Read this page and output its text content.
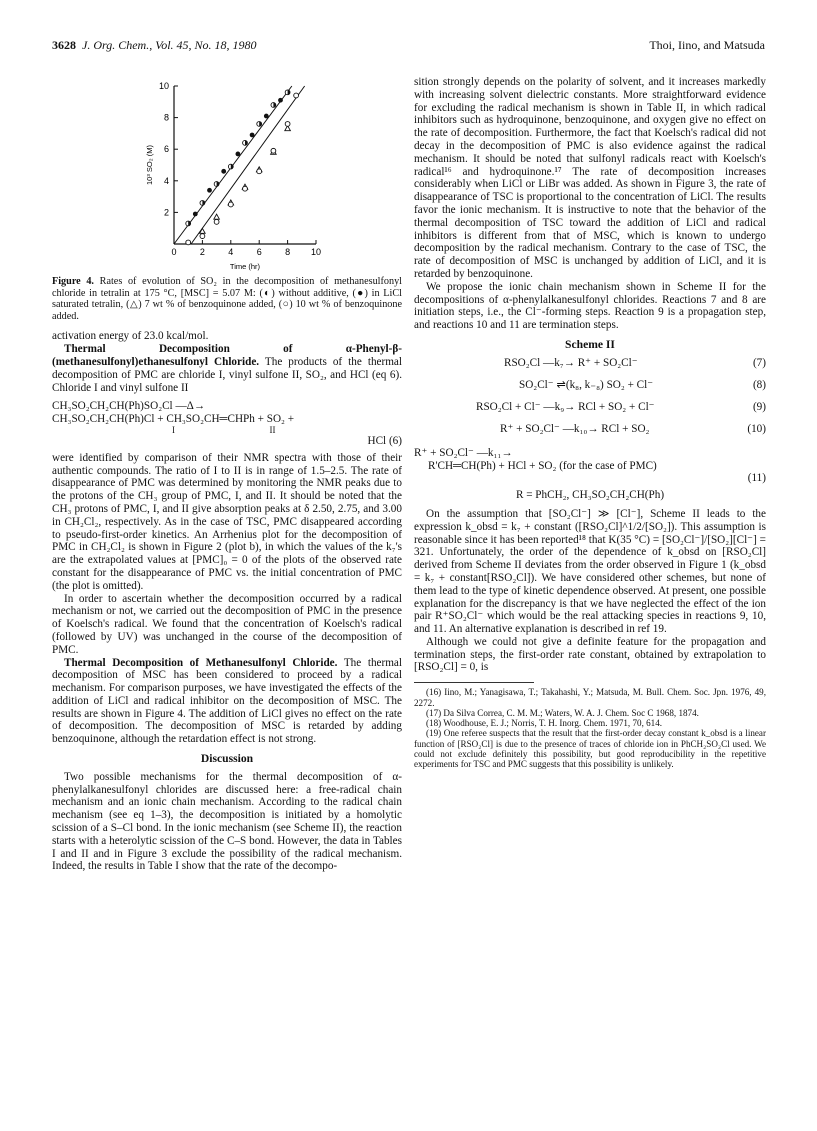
3628 J. Org. Chem., Vol. 45, No. 18, 1980	Thoi, Iino, and Matsuda
0	2	4	6	8 10
2
4
6
8
10
Time (hr)
10³ SO₂ (M)
Figure 4. Rates of evolution of SO₂ in the decomposition of methanesulfonyl chloride in tetralin at 175 °C, [MSC] = 5.07 M: (◐) without additive, (●) in LiCl saturated tetralin, (△) 7 wt % of benzoquinone added, (○) 10 wt % of benzoquinone added.

activation energy of 23.0 kcal/mol.

Thermal Decomposition of α-Phenyl-β-(methanesulfonyl)ethanesulfonyl Chloride. The products of the thermal decomposition of PMC are chloride I, vinyl sulfone II, SO₂, and HCl (eq 6). Chloride I and vinyl sulfone II

CH₃SO₂CH₂CH(Ph)SO₂Cl —Δ→
CH₃SO₂CH₂CH(Ph)Cl + CH₃SO₂CH═CHPh + SO₂ +
I                                          II
HCl (6)

were identified by comparison of their NMR spectra with those of their authentic compounds. The ratio of I to II is in range of 1.5–2.5. The rate of disappearance of PMC was determined by monitoring the NMR peaks due to the protons of the CH₃ group of PMC, I, and II. It should be noted that the CH₃ protons of PMC, I, and II give absorption peaks at δ 2.50, 2.75, and 3.00 in CH₂Cl₂, respectively. As in the case of TSC, PMC disappeared according to pseudo-first-order kinetics. An Arrhenius plot for the decomposition of PMC in CH₂Cl₂ is shown in Figure 2 (plot b), in which the values of the k₇'s are the extrapolated values at [PMC]₀ = 0 of the plots of the observed rate constant for the disappearance of PMC vs. the initial concentration of PMC (the plot is omitted).

In order to ascertain whether the decomposition occurred by a radical mechanism or not, we carried out the decomposition of PMC in the presence of Koelsch's radical. We found that the concentration of Koelsch's radical (followed by UV) was unchanged in the course of the decomposition of PMC.

Thermal Decomposition of Methanesulfonyl Chloride. The thermal decomposition of MSC has been considered to proceed by a radical mechanism. For comparison purposes, we have investigated the effects of the addition of LiCl and radical inhibitor on the decomposition of MSC. The results are shown in Figure 4. The addition of LiCl gives no effect on the rate of decomposition. The decomposition of MSC is retarded by adding benzoquinone, although the retardation effect is not strong.

Discussion

Two possible mechanisms for the thermal decomposition of α-phenylalkanesulfonyl chlorides are discussed here: a free-radical chain mechanism and an ionic chain mechanism. According to the radical chain mechanism (see eq 1–3), the decomposition is initiated by a homolytic scission of a S–Cl bond. In the ionic mechanism (see Scheme II), the reaction starts with a heterolytic scission of the C–S bond. However, the data in Tables I and II and in Figure 3 exclude the possibility of the radical mechanism. Indeed, the results in Table I show that the rate of the decompo-

sition strongly depends on the polarity of solvent, and it increases markedly with increasing solvent dielectric constants. More straightforward evidence for excluding the radical mechanism is shown in Table II, in which radical inhibitors such as hydroquinone, benzoquinone, and oxygen give no effect on the rate of decomposition. Furthermore, the fact that Koelsch's radical did not decay in the decomposition of PMC is also evidence against the radical mechanism. It should be noted that sulfonyl radicals react with Koelsch's radical¹⁶ and hydroquinone.¹⁷ The rate of decomposition increases considerably when LiCl or LiBr was added. As shown in Figure 3, the rate of disappearance of TSC is proportional to the concentration of LiCl. The results favor the ionic mechanism. It is instructive to note that the behavior of the thermal decomposition of TSC toward the addition of LiCl and radical inhibitors is different from that of MSC, which is known to undergo decomposition by the radical mechanism. Contrary to the case of TSC, the rate of decomposition of MSC is unchanged by addition of LiCl, and it is retarded by benzoquinone.

We propose the ionic chain mechanism shown in Scheme II for the decompositions of α-phenylalkanesulfonyl chlorides. Reactions 7 and 8 are initiation steps, i.e., the Cl⁻-forming steps. Reaction 9 is a propagation step, and reactions 10 and 11 are termination steps.

Scheme II
RSO₂Cl —k₇→ R⁺ + SO₂Cl⁻	(7)
SO₂Cl⁻ ⇌(k₈, k₋₈) SO₂ + Cl⁻	(8)
RSO₂Cl + Cl⁻ —k₉→ RCl + SO₂ + Cl⁻	(9)
R⁺ + SO₂Cl⁻ —k₁₀→ RCl + SO₂	(10)
R⁺ + SO₂Cl⁻ —k₁₁→
R'CH═CH(Ph) + HCl + SO₂ (for the case of PMC)
(11)
R = PhCH₂, CH₃SO₂CH₂CH(Ph)

On the assumption that [SO₂Cl⁻] ≫ [Cl⁻], Scheme II leads to the expression k_obsd = k₇ + constant ([RSO₂Cl]^1/2/[SO₂]). This assumption is reasonable since it has been reported¹⁸ that K(35 °C) = [SO₂Cl⁻]/[SO₂][Cl⁻] = 321. Unfortunately, the order of the dependence of k_obsd on [RSO₂Cl] derived from Scheme II deviates from the order observed in Figure 1 (k_obsd = k₇ + constant[RSO₂Cl]). We have considered other schemes, but none of them lead to the type of kinetic dependence observed. At present, one possible explanation for the discrepancy is that we have neglected the effect of the ion pair R⁺SO₂Cl⁻ which would be the real attacking species in reactions 9, 10, and 11. An alternative explanation is described in ref 19.

Although we could not give a definite feature for the propagation and termination steps, the first-order rate constant, obtained by extrapolation to [RSO₂Cl] = 0, is

(16) Iino, M.; Yanagisawa, T.; Takahashi, Y.; Matsuda, M. Bull. Chem. Soc. Jpn. 1976, 49, 2272.
(17) Da Silva Correa, C. M. M.; Waters, W. A. J. Chem. Soc C 1968, 1874.
(18) Woodhouse, E. J.; Norris, T. H. Inorg. Chem. 1971, 70, 614.
(19) One referee suspects that the result that the first-order decay constant k_obsd is a linear function of [RSO₂Cl] is due to the presence of traces of chloride ion in PhCH₂SO₂Cl used. We could not exclude definitely this possibility, but good reproducibility in the repetitive experiments for TSC and PMC suggests that this possibility is unlikely.
